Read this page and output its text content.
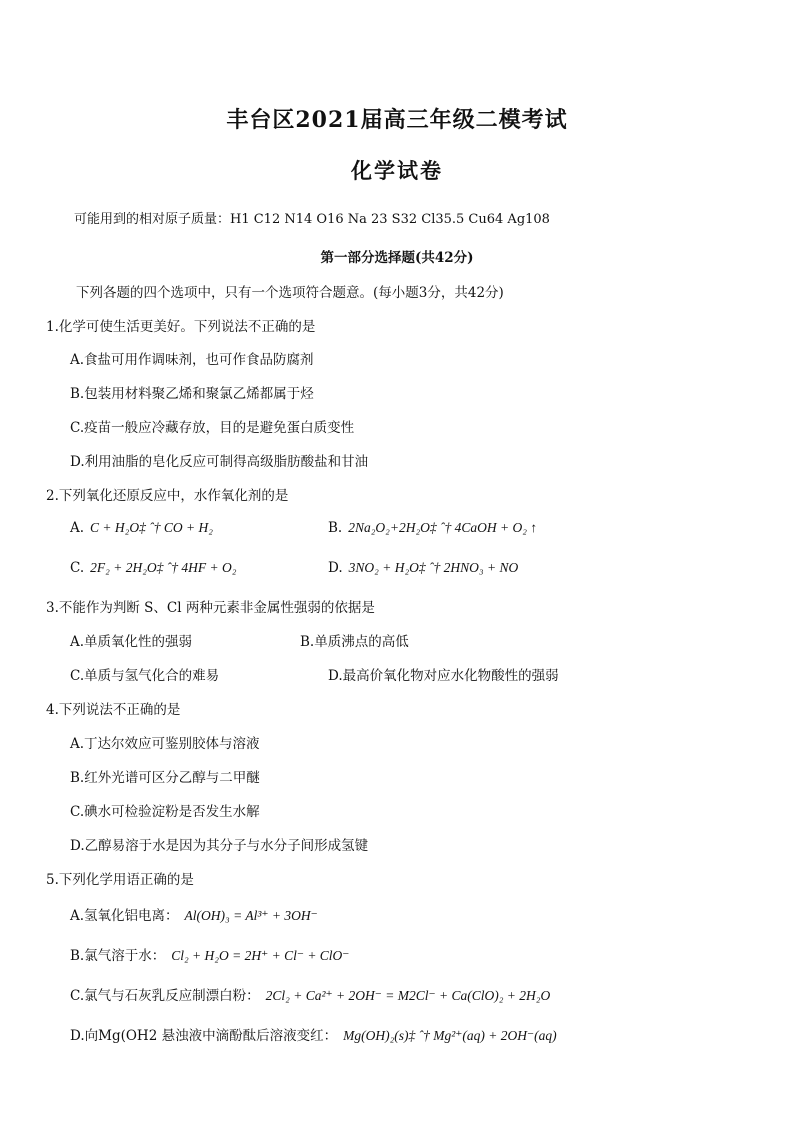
丰台区2021届高三年级二模考试
化学试卷
可能用到的相对原子质量：H1 C12 N14 O16 Na 23 S32 Cl35.5 Cu64 Ag108
第一部分选择题(共42分)
下列各题的四个选项中，只有一个选项符合题意。(每小题3分，共42分)
1.化学可使生活更美好。下列说法不正确的是
A.食盐可用作调味剂，也可作食品防腐剂
B.包装用材料聚乙烯和聚氯乙烯都属于烃
C.疫苗一般应冷藏存放，目的是避免蛋白质变性
D.利用油脂的皂化反应可制得高级脂肪酸盐和甘油
2.下列氧化还原反应中，水作氧化剂的是
A. C + H₂O‡ ˆ† CO + H₂	B. 2Na₂O₂+2H₂O‡ ˆ† 4CaOH + O₂ ↑
C. 2F₂ + 2H₂O‡ ˆ† 4HF + O₂	D. 3NO₂ + H₂O‡ ˆ† 2HNO₃ + NO
3.不能作为判断 S、Cl 两种元素非金属性强弱的依据是
A.单质氧化性的强弱	B.单质沸点的高低
C.单质与氢气化合的难易	D.最高价氧化物对应水化物酸性的强弱
4.下列说法不正确的是
A.丁达尔效应可鉴别胶体与溶液
B.红外光谱可区分乙醇与二甲醚
C.碘水可检验淀粉是否发生水解
D.乙醇易溶于水是因为其分子与水分子间形成氢键
5.下列化学用语正确的是
A.氢氧化铝电离： Al(OH)₃ = Al³⁺ + 3OH⁻
B.氯气溶于水： Cl₂ + H₂O = 2H⁺ + Cl⁻ + ClO⁻
C.氯气与石灰乳反应制漂白粉： 2Cl₂ + Ca²⁺ + 2OH⁻ = M2Cl⁻ + Ca(ClO)₂ + 2H₂O
D.向Mg(OH2 悬浊液中滴酚酞后溶液变红： Mg(OH)₂(s)‡ ˆ† Mg²⁺(aq) + 2OH⁻(aq)
